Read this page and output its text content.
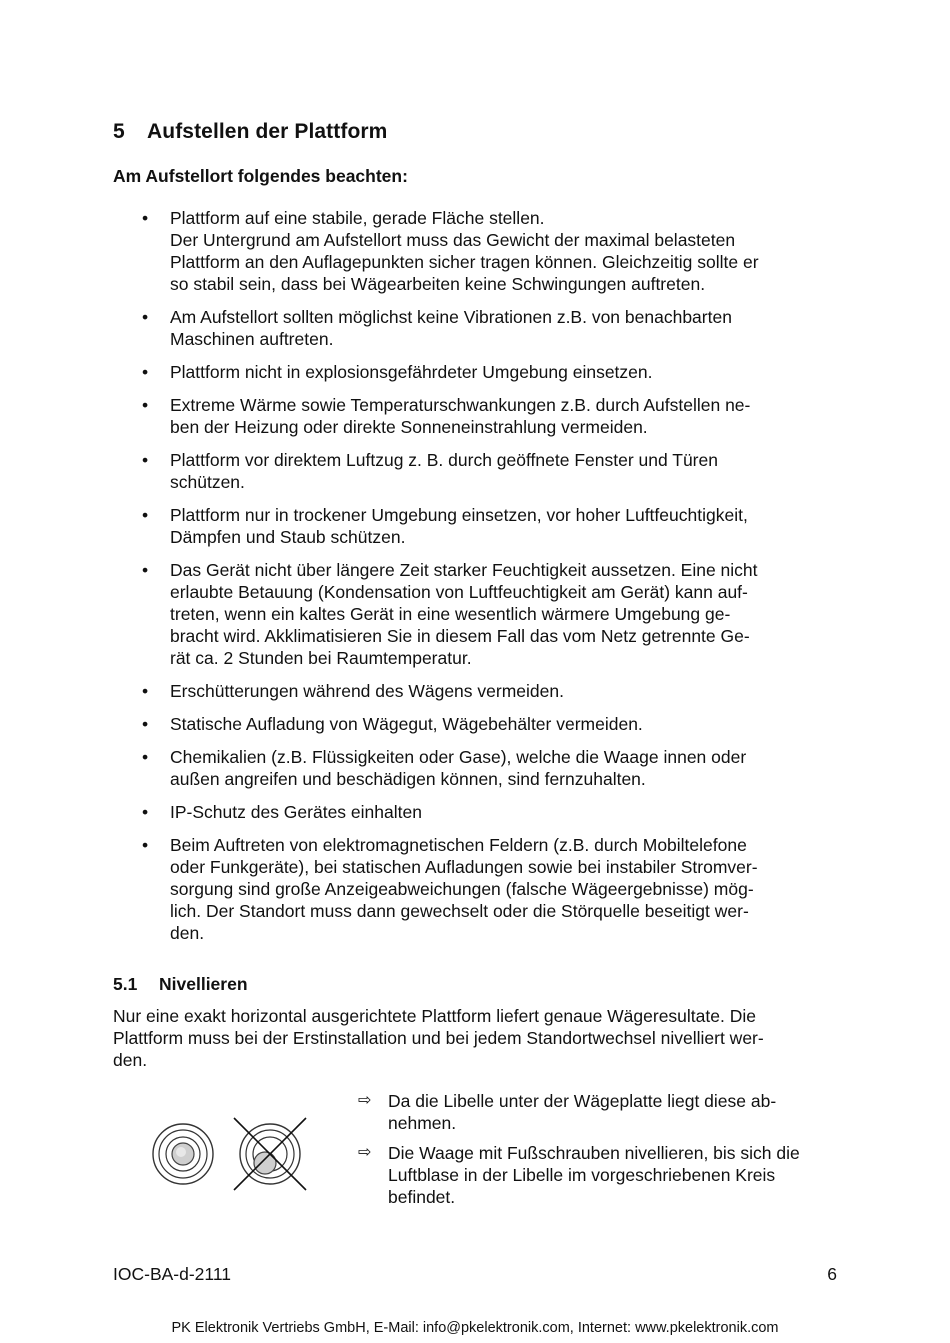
5 Aufstellen der Plattform

Am Aufstellort folgendes beachten:

• Plattform auf eine stabile, gerade Fläche stellen.
Der Untergrund am Aufstellort muss das Gewicht der maximal belasteten
Plattform an den Auflagepunkten sicher tragen können. Gleichzeitig sollte er
so stabil sein, dass bei Wägearbeiten keine Schwingungen auftreten.
• Am Aufstellort sollten möglichst keine Vibrationen z.B. von benachbarten
Maschinen auftreten.
• Plattform nicht in explosionsgefährdeter Umgebung einsetzen.
• Extreme Wärme sowie Temperaturschwankungen z.B. durch Aufstellen ne-
ben der Heizung oder direkte Sonneneinstrahlung vermeiden.
• Plattform vor direktem Luftzug z. B. durch geöffnete Fenster und Türen
schützen.
• Plattform nur in trockener Umgebung einsetzen, vor hoher Luftfeuchtigkeit,
Dämpfen und Staub schützen.
• Das Gerät nicht über längere Zeit starker Feuchtigkeit aussetzen. Eine nicht
erlaubte Betauung (Kondensation von Luftfeuchtigkeit am Gerät) kann auf-
treten, wenn ein kaltes Gerät in eine wesentlich wärmere Umgebung ge-
bracht wird. Akklimatisieren Sie in diesem Fall das vom Netz getrennte Ge-
rät ca. 2 Stunden bei Raumtemperatur.
• Erschütterungen während des Wägens vermeiden.
• Statische Aufladung von Wägegut, Wägebehälter vermeiden.
• Chemikalien (z.B. Flüssigkeiten oder Gase), welche die Waage innen oder
außen angreifen und beschädigen können, sind fernzuhalten.
• IP-Schutz des Gerätes einhalten
• Beim Auftreten von elektromagnetischen Feldern (z.B. durch Mobiltelefone
oder Funkgeräte), bei statischen Aufladungen sowie bei instabiler Stromver-
sorgung sind große Anzeigeabweichungen (falsche Wägeergebnisse) mög-
lich. Der Standort muss dann gewechselt oder die Störquelle beseitigt wer-
den.
5.1 Nivellieren
Nur eine exakt horizontal ausgerichtete Plattform liefert genaue Wägeresultate. Die
Plattform muss bei der Erstinstallation und bei jedem Standortwechsel nivelliert wer-
den.
⇨ Da die Libelle unter der Wägeplatte liegt diese ab-
nehmen.
⇨ Die Waage mit Fußschrauben nivellieren, bis sich die
Luftblase in der Libelle im vorgeschriebenen Kreis
befindet.
IOC-BA-d-2111	6
PK Elektronik Vertriebs GmbH, E-Mail: info@pkelektronik.com, Internet: www.pkelektronik.com
